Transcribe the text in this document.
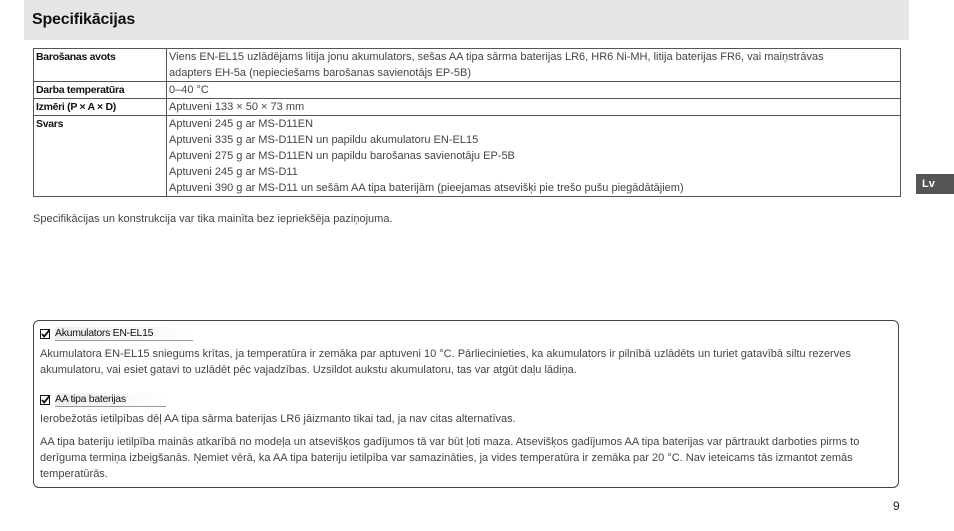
Specifikācijas
Barošanas avots	Viens EN-EL15 uzlādējams litija jonu akumulators, sešas AA tipa sārma baterijas LR6, HR6 Ni-MH, litija baterijas FR6, vai maiņstrāvas
adapters EH-5a (nepieciešams barošanas savienotājs EP-5B)

Darba temperatūra	0–40 °C

Izmēri (P × A × D)	Aptuveni 133 × 50 × 73 mm

Svars	Aptuveni 245 g ar MS-D11EN
Aptuveni 335 g ar MS-D11EN un papildu akumulatoru EN-EL15
Aptuveni 275 g ar MS-D11EN un papildu barošanas savienotāju EP-5B
Aptuveni 245 g ar MS-D11
Aptuveni 390 g ar MS-D11 un sešām AA tipa baterijām (pieejamas atsevišķi pie trešo pušu piegādātājiem)
Specifikācijas un konstrukcija var tika mainīta bez iepriekšēja paziņojuma.
Lv
Akumulators EN-EL15

Akumulatora EN-EL15 sniegums krītas, ja temperatūra ir zemāka par aptuveni 10 °C. Pārliecinieties, ka akumulators ir pilnībā uzlādēts un turiet gatavībā siltu rezerves akumulatoru, vai esiet gatavi to uzlādēt pēc vajadzības. Uzsildot aukstu akumulatoru, tas var atgūt daļu lādiņa.

AA tipa baterijas

Ierobežotās ietilpības dēļ AA tipa sārma baterijas LR6 jāizmanto tikai tad, ja nav citas alternatīvas.

AA tipa bateriju ietilpība mainās atkarībā no modeļa un atsevišķos gadījumos tā var būt ļoti maza. Atsevišķos gadījumos AA tipa baterijas var pārtraukt darboties pirms to derīguma termiņa izbeigšanās. Ņemiet vērā, ka AA tipa bateriju ietilpība var samazināties, ja vides temperatūra ir zemāka par 20 °C. Nav ieteicams tās izmantot zemās temperatūrās.

9
